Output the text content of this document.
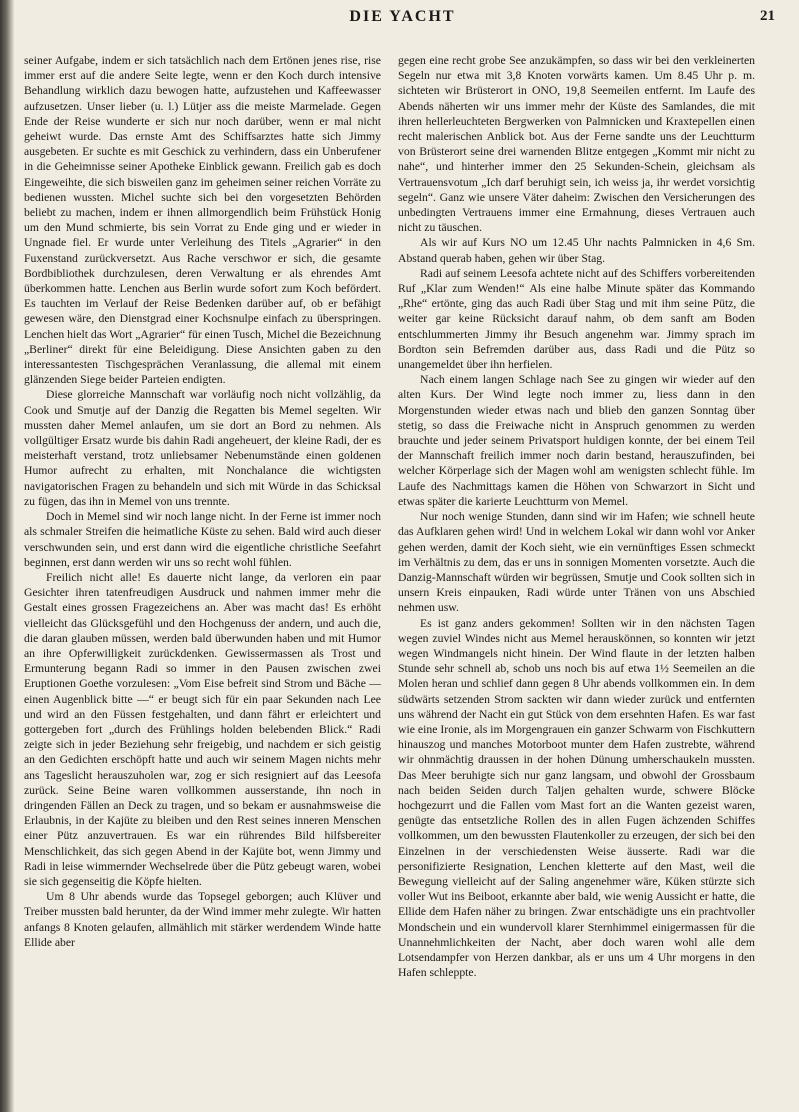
DIE YACHT	21

seiner Aufgabe, indem er sich tatsächlich nach dem Ertönen jenes rise, rise immer erst auf die andere Seite legte, wenn er den Koch durch intensive Behandlung wirklich dazu bewogen hatte, aufzustehen und Kaffeewasser aufzusetzen. Unser lieber (u. l.) Lütjer ass die meiste Marmelade. Gegen Ende der Reise wunderte er sich nur noch darüber, wenn er mal nicht geheiwt wurde. Das ernste Amt des Schiffsarztes hatte sich Jimmy ausgebeten. Er suchte es mit Geschick zu verhindern, dass ein Unberufener in die Geheimnisse seiner Apotheke Einblick gewann. Freilich gab es doch Eingeweihte, die sich bisweilen ganz im geheimen seiner reichen Vorräte zu bedienen wussten. Michel suchte sich bei den vorgesetzten Behörden beliebt zu machen, indem er ihnen allmorgendlich beim Frühstück Honig um den Mund schmierte, bis sein Vorrat zu Ende ging und er wieder in Ungnade fiel. Er wurde unter Verleihung des Titels „Agrarier“ in den Fuxenstand zurückversetzt. Aus Rache verschwor er sich, die gesamte Bordbibliothek durchzulesen, deren Verwaltung er als ehrendes Amt überkommen hatte. Lenchen aus Berlin wurde sofort zum Koch befördert. Es tauchten im Verlauf der Reise Bedenken darüber auf, ob er befähigt gewesen wäre, den Dienstgrad einer Kochsnulpe einfach zu überspringen. Lenchen hielt das Wort „Agrarier“ für einen Tusch, Michel die Bezeichnung „Berliner“ direkt für eine Beleidigung. Diese Ansichten gaben zu den interessantesten Tischgesprächen Veranlassung, die allemal mit einem glänzenden Siege beider Parteien endigten.

Diese glorreiche Mannschaft war vorläufig noch nicht vollzählig, da Cook und Smutje auf der Danzig die Regatten bis Memel segelten. Wir mussten daher Memel anlaufen, um sie dort an Bord zu nehmen. Als vollgültiger Ersatz wurde bis dahin Radi angeheuert, der kleine Radi, der es meisterhaft verstand, trotz unliebsamer Nebenumstände einen goldenen Humor aufrecht zu erhalten, mit Nonchalance die wichtigsten navigatorischen Fragen zu behandeln und sich mit Würde in das Schicksal zu fügen, das ihn in Memel von uns trennte.

Doch in Memel sind wir noch lange nicht. In der Ferne ist immer noch als schmaler Streifen die heimatliche Küste zu sehen. Bald wird auch dieser verschwunden sein, und erst dann wird die eigentliche christliche Seefahrt beginnen, erst dann werden wir uns so recht wohl fühlen.

Freilich nicht alle! Es dauerte nicht lange, da verloren ein paar Gesichter ihren tatenfreudigen Ausdruck und nahmen immer mehr die Gestalt eines grossen Fragezeichens an. Aber was macht das! Es erhöht vielleicht das Glücksgefühl und den Hochgenuss der andern, und auch die, die daran glauben müssen, werden bald überwunden haben und mit Humor an ihre Opferwilligkeit zurückdenken. Gewissermassen als Trost und Ermunterung begann Radi so immer in den Pausen zwischen zwei Eruptionen Goethe vorzulesen: „Vom Eise befreit sind Strom und Bäche — einen Augenblick bitte —“ er beugt sich für ein paar Sekunden nach Lee und wird an den Füssen festgehalten, und dann fährt er erleichtert und gottergeben fort „durch des Frühlings holden belebenden Blick.“ Radi zeigte sich in jeder Beziehung sehr freigebig, und nachdem er sich geistig an den Gedichten erschöpft hatte und auch wir seinem Magen nichts mehr ans Tageslicht herauszuholen war, zog er sich resigniert auf das Leesofa zurück. Seine Beine waren vollkommen ausserstande, ihn noch in dringenden Fällen an Deck zu tragen, und so bekam er ausnahmsweise die Erlaubnis, in der Kajüte zu bleiben und den Rest seines inneren Menschen einer Pütz anzuvertrauen. Es war ein rührendes Bild hilfsbereiter Menschlichkeit, das sich gegen Abend in der Kajüte bot, wenn Jimmy und Radi in leise wimmernder Wechselrede über die Pütz gebeugt waren, wobei sie sich gegenseitig die Köpfe hielten.

Um 8 Uhr abends wurde das Topsegel geborgen; auch Klüver und Treiber mussten bald herunter, da der Wind immer mehr zulegte. Wir hatten anfangs 8 Knoten gelaufen, allmählich mit stärker werdendem Winde hatte Ellide aber

gegen eine recht grobe See anzukämpfen, so dass wir bei den verkleinerten Segeln nur etwa mit 3,8 Knoten vorwärts kamen. Um 8.45 Uhr p. m. sichteten wir Brüsterort in ONO, 19,8 Seemeilen entfernt. Im Laufe des Abends näherten wir uns immer mehr der Küste des Samlandes, die mit ihren hellerleuchteten Bergwerken von Palmnicken und Kraxtepellen einen recht malerischen Anblick bot. Aus der Ferne sandte uns der Leuchtturm von Brüsterort seine drei warnenden Blitze entgegen „Kommt mir nicht zu nahe“, und hinterher immer den 25 Sekunden-Schein, gleichsam als Vertrauensvotum „Ich darf beruhigt sein, ich weiss ja, ihr werdet vorsichtig segeln“. Ganz wie unsere Väter daheim: Zwischen den Versicherungen des unbedingten Vertrauens immer eine Ermahnung, dieses Vertrauen auch nicht zu täuschen.

Als wir auf Kurs NO um 12.45 Uhr nachts Palmnicken in 4,6 Sm. Abstand querab haben, gehen wir über Stag.

Radi auf seinem Leesofa achtete nicht auf des Schiffers vorbereitenden Ruf „Klar zum Wenden!“ Als eine halbe Minute später das Kommando „Rhe“ ertönte, ging das auch Radi über Stag und mit ihm seine Pütz, die weiter gar keine Rücksicht darauf nahm, ob dem sanft am Boden entschlummerten Jimmy ihr Besuch angenehm war. Jimmy sprach im Bordton sein Befremden darüber aus, dass Radi und die Pütz so unangemeldet über ihn herfielen.

Nach einem langen Schlage nach See zu gingen wir wieder auf den alten Kurs. Der Wind legte noch immer zu, liess dann in den Morgenstunden wieder etwas nach und blieb den ganzen Sonntag über stetig, so dass die Freiwache nicht in Anspruch genommen zu werden brauchte und jeder seinem Privatsport huldigen konnte, der bei einem Teil der Mannschaft freilich immer noch darin bestand, herauszufinden, bei welcher Körperlage sich der Magen wohl am wenigsten schlecht fühle. Im Laufe des Nachmittags kamen die Höhen von Schwarzort in Sicht und etwas später die karierte Leuchtturm von Memel.

Nur noch wenige Stunden, dann sind wir im Hafen; wie schnell heute das Aufklaren gehen wird! Und in welchem Lokal wir dann wohl vor Anker gehen werden, damit der Koch sieht, wie ein vernünftiges Essen schmeckt im Verhältnis zu dem, das er uns in sonnigen Momenten vorsetzte. Auch die Danzig-Mannschaft würden wir begrüssen, Smutje und Cook sollten sich in unsern Kreis einpauken, Radi würde unter Tränen von uns Abschied nehmen usw.

Es ist ganz anders gekommen! Sollten wir in den nächsten Tagen wegen zuviel Windes nicht aus Memel herauskönnen, so konnten wir jetzt wegen Windmangels nicht hinein. Der Wind flaute in der letzten halben Stunde sehr schnell ab, schob uns noch bis auf etwa 1½ Seemeilen an die Molen heran und schlief dann gegen 8 Uhr abends vollkommen ein. In dem südwärts setzenden Strom sackten wir dann wieder zurück und entfernten uns während der Nacht ein gut Stück von dem ersehnten Hafen. Es war fast wie eine Ironie, als im Morgengrauen ein ganzer Schwarm von Fischkuttern hinauszog und manches Motorboot munter dem Hafen zustrebte, während wir ohnmächtig draussen in der hohen Dünung umherschaukeln mussten. Das Meer beruhigte sich nur ganz langsam, und obwohl der Grossbaum nach beiden Seiden durch Taljen gehalten wurde, schwere Blöcke hochgezurrt und die Fallen vom Mast fort an die Wanten gezeist waren, genügte das entsetzliche Rollen des in allen Fugen ächzenden Schiffes vollkommen, um den bewussten Flautenkoller zu erzeugen, der sich bei den Einzelnen in der verschiedensten Weise äusserte. Radi war die personifizierte Resignation, Lenchen kletterte auf den Mast, weil die Bewegung vielleicht auf der Saling angenehmer wäre, Küken stürzte sich voller Wut ins Beiboot, erkannte aber bald, wie wenig Aussicht er hatte, die Ellide dem Hafen näher zu bringen. Zwar entschädigte uns ein prachtvoller Mondschein und ein wundervoll klarer Sternhimmel einigermassen für die Unannehmlichkeiten der Nacht, aber doch waren wohl alle dem Lotsendampfer von Herzen dankbar, als er uns um 4 Uhr morgens in den Hafen schleppte.
